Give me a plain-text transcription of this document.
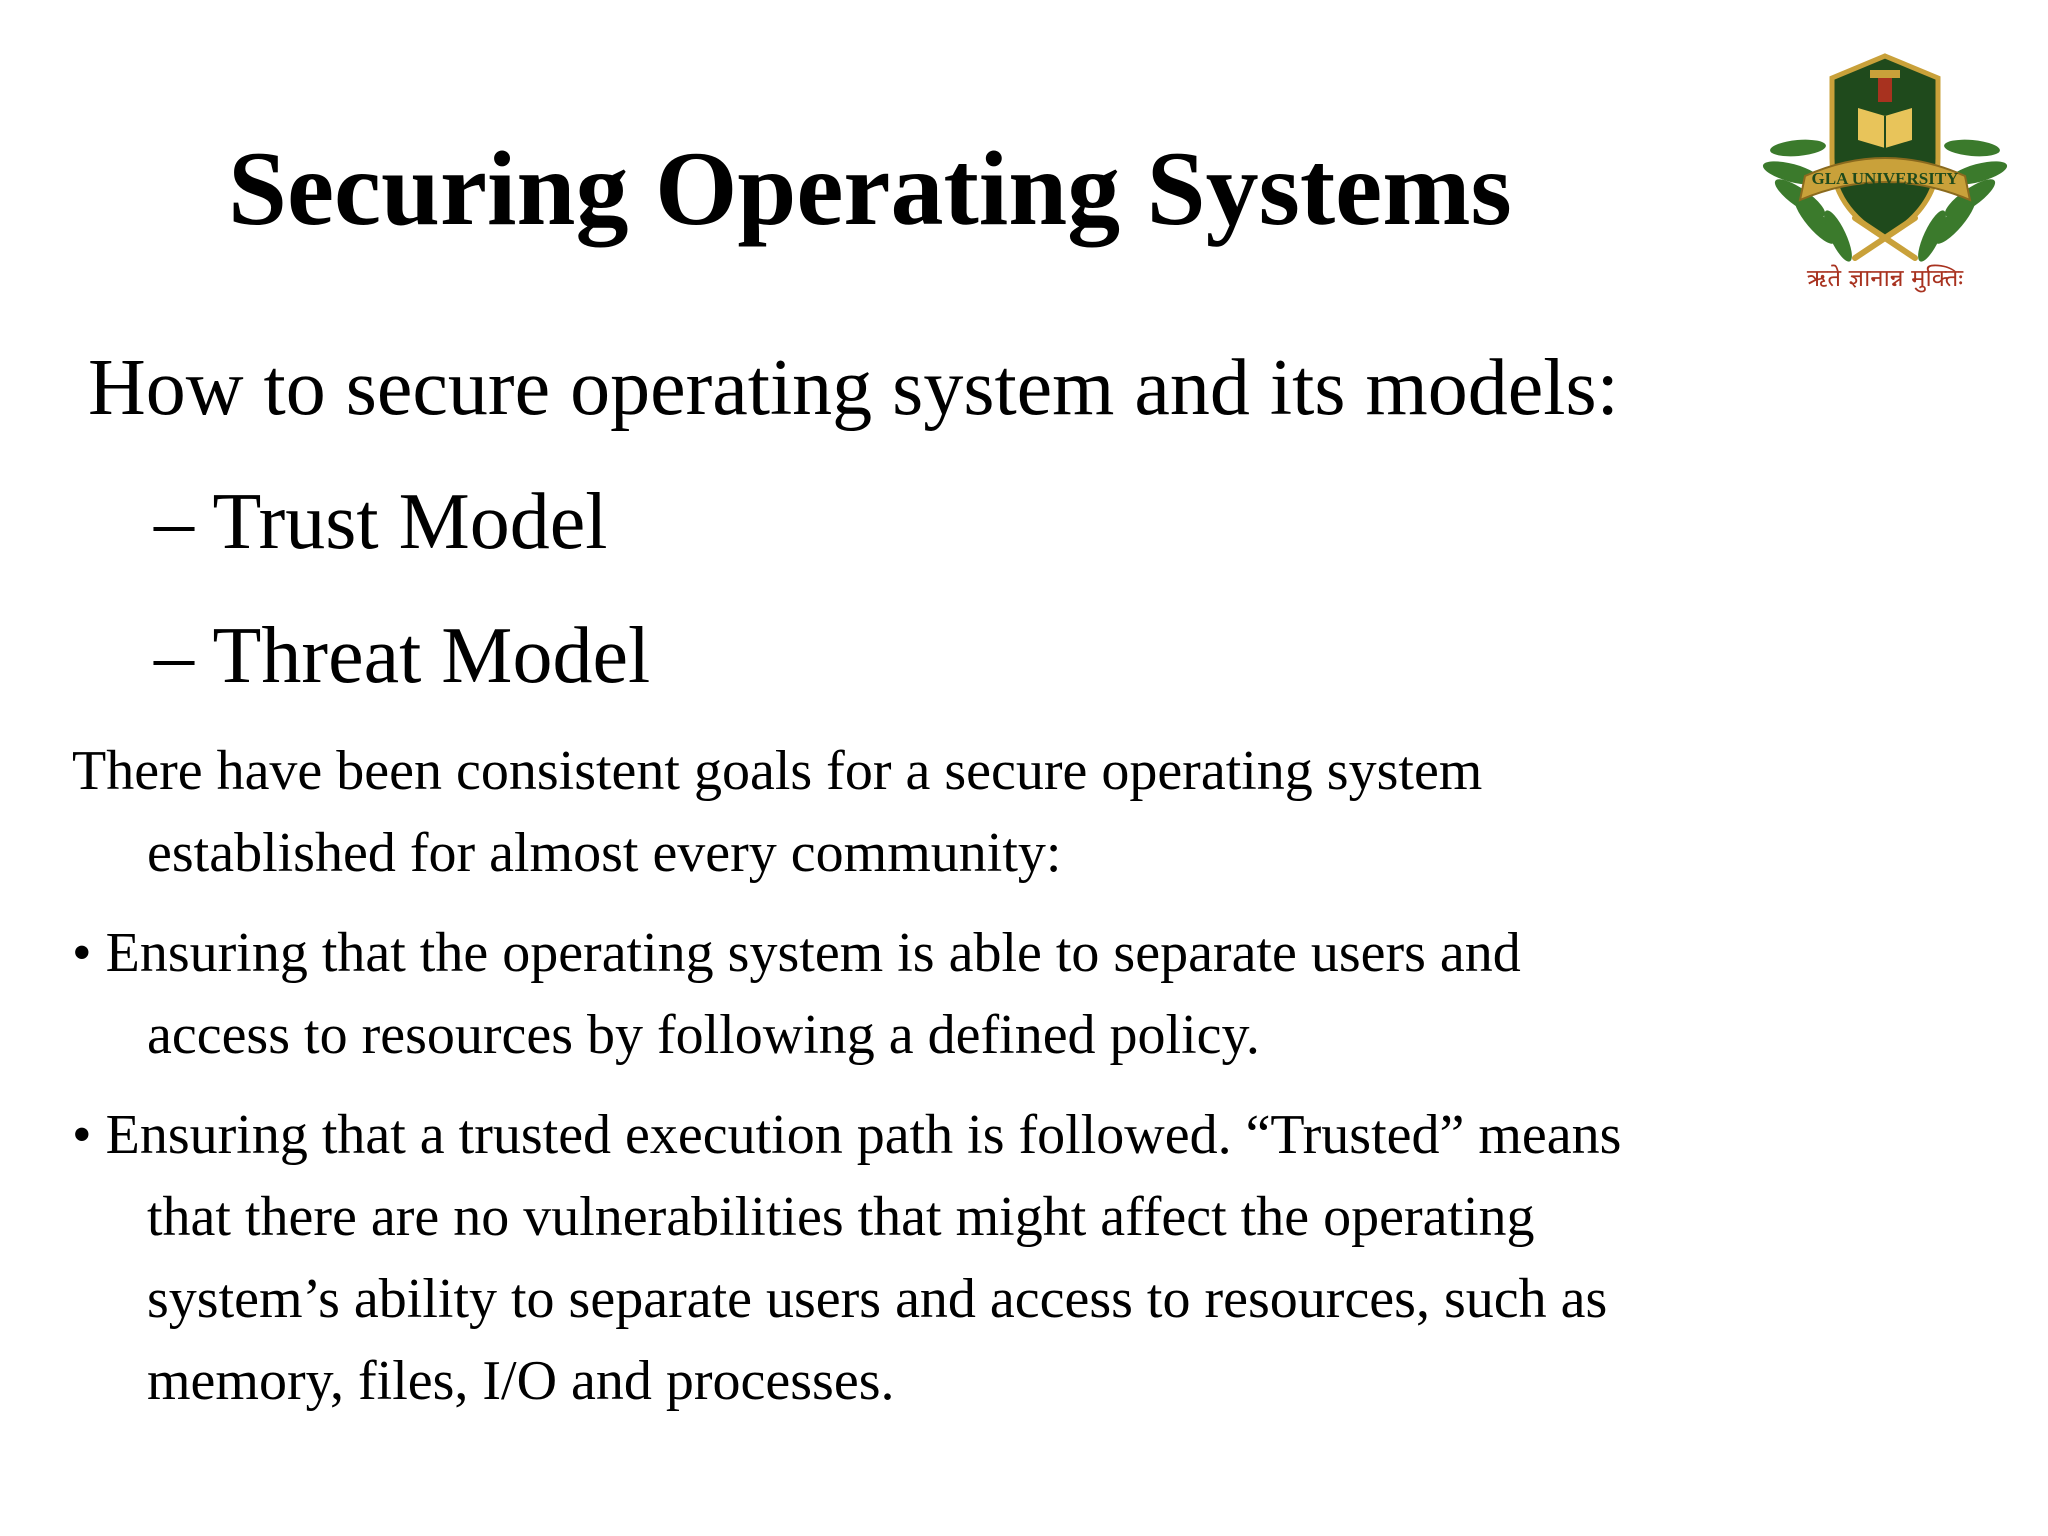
Securing Operating Systems	GLA UNIVERSITY
ऋते ज्ञानान्न मुक्तिः
How to secure operating system and its models:
– Trust Model
– Threat Model
There have been consistent goals for a secure operating system
established for almost every community:
• Ensuring that the operating system is able to separate users and
access to resources by following a defined policy.
• Ensuring that a trusted execution path is followed. “Trusted” means
that there are no vulnerabilities that might affect the operating
system’s ability to separate users and access to resources, such as
memory, files, I/O and processes.
